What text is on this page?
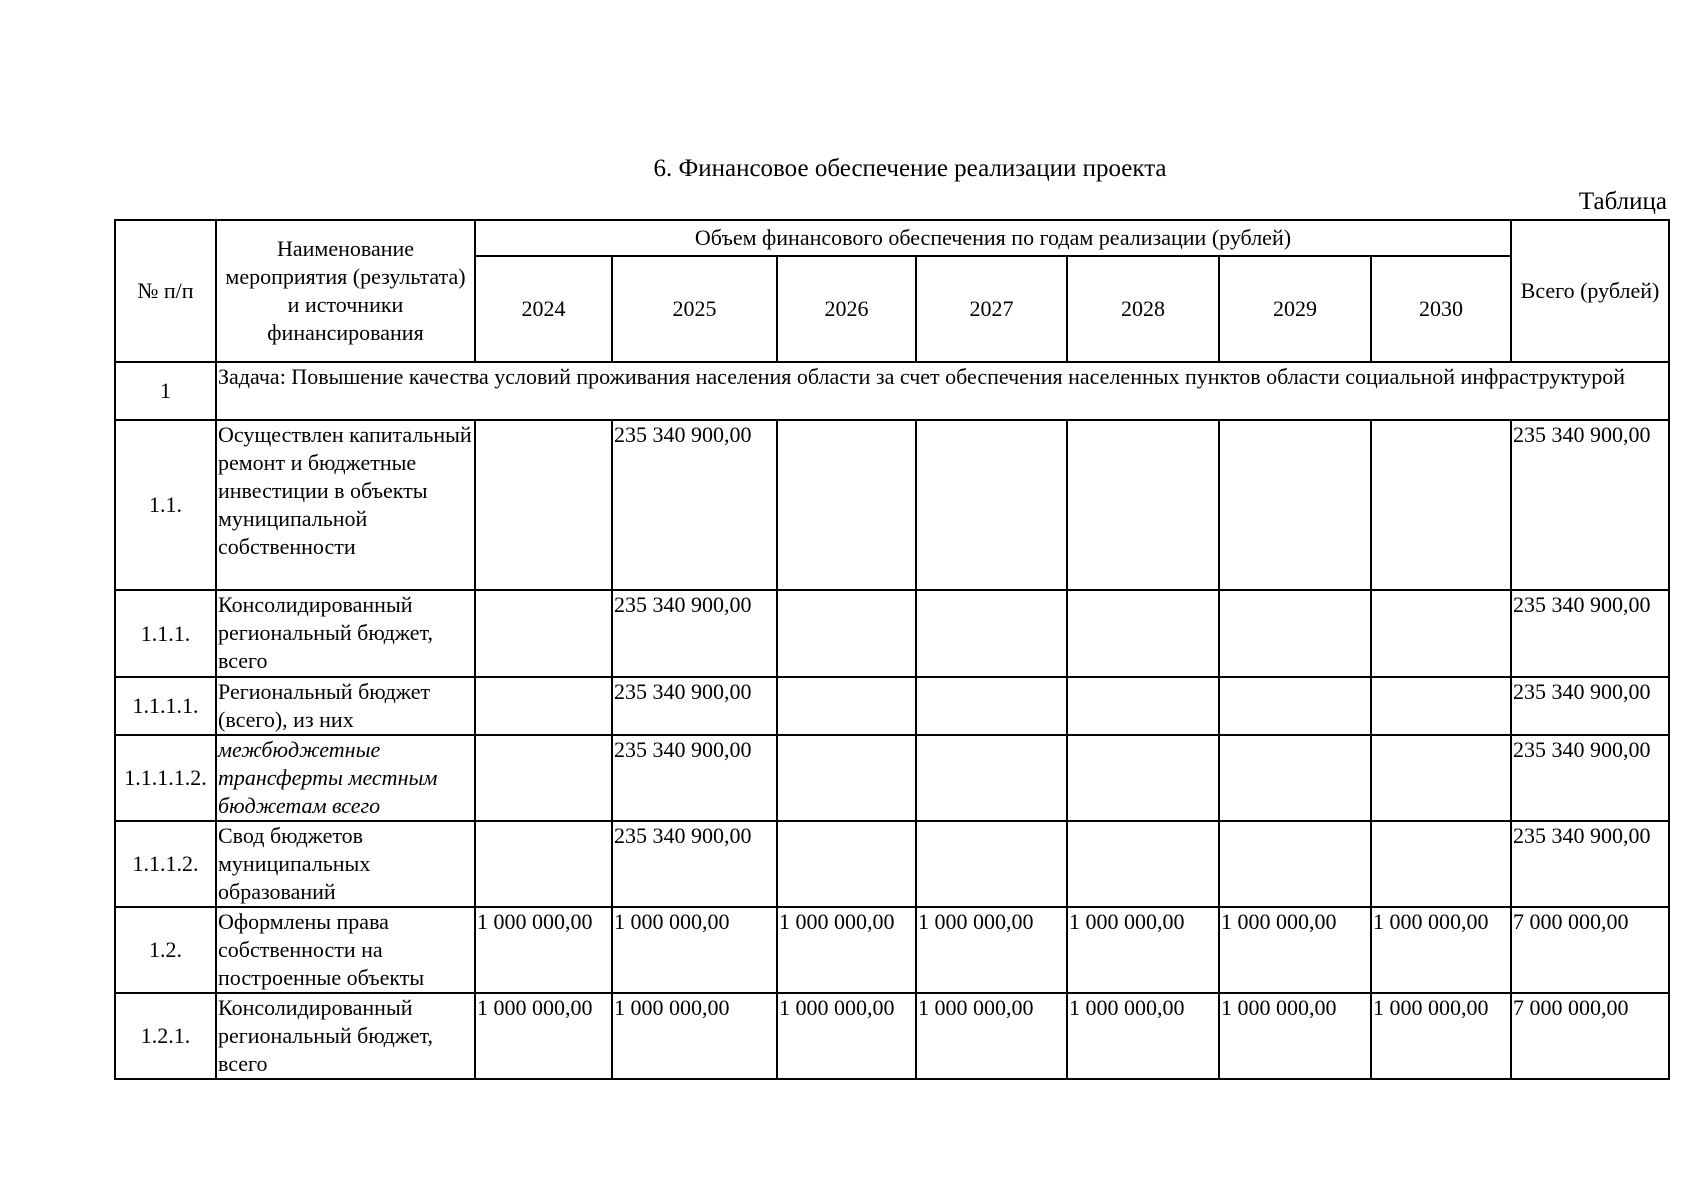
6. Финансовое обеспечение реализации проекта
Таблица
№ п/п	Наименование мероприятия (результата) и источники финансирования	Объем финансового обеспечения по годам реализации (рублей)							Всего (рублей)
		2024	2025	2026	2027	2028	2029	2030	
1	Задача: Повышение качества условий проживания населения области за счет обеспечения населенных пунктов области социальной инфраструктурой								
1.1.	Осуществлен капитальный ремонт и бюджетные инвестиции в объекты муниципальной собственности		235 340 900,00						235 340 900,00
1.1.1.	Консолидированный региональный бюджет, всего		235 340 900,00						235 340 900,00
1.1.1.1.	Региональный бюджет (всего), из них		235 340 900,00						235 340 900,00
1.1.1.1.2.	межбюджетные трансферты местным бюджетам всего		235 340 900,00						235 340 900,00
1.1.1.2.	Свод бюджетов муниципальных образований		235 340 900,00						235 340 900,00
1.2.	Оформлены права собственности на построенные объекты	1 000 000,00	1 000 000,00	1 000 000,00	1 000 000,00	1 000 000,00	1 000 000,00	1 000 000,00	7 000 000,00
1.2.1.	Консолидированный региональный бюджет, всего	1 000 000,00	1 000 000,00	1 000 000,00	1 000 000,00	1 000 000,00	1 000 000,00	1 000 000,00	7 000 000,00
